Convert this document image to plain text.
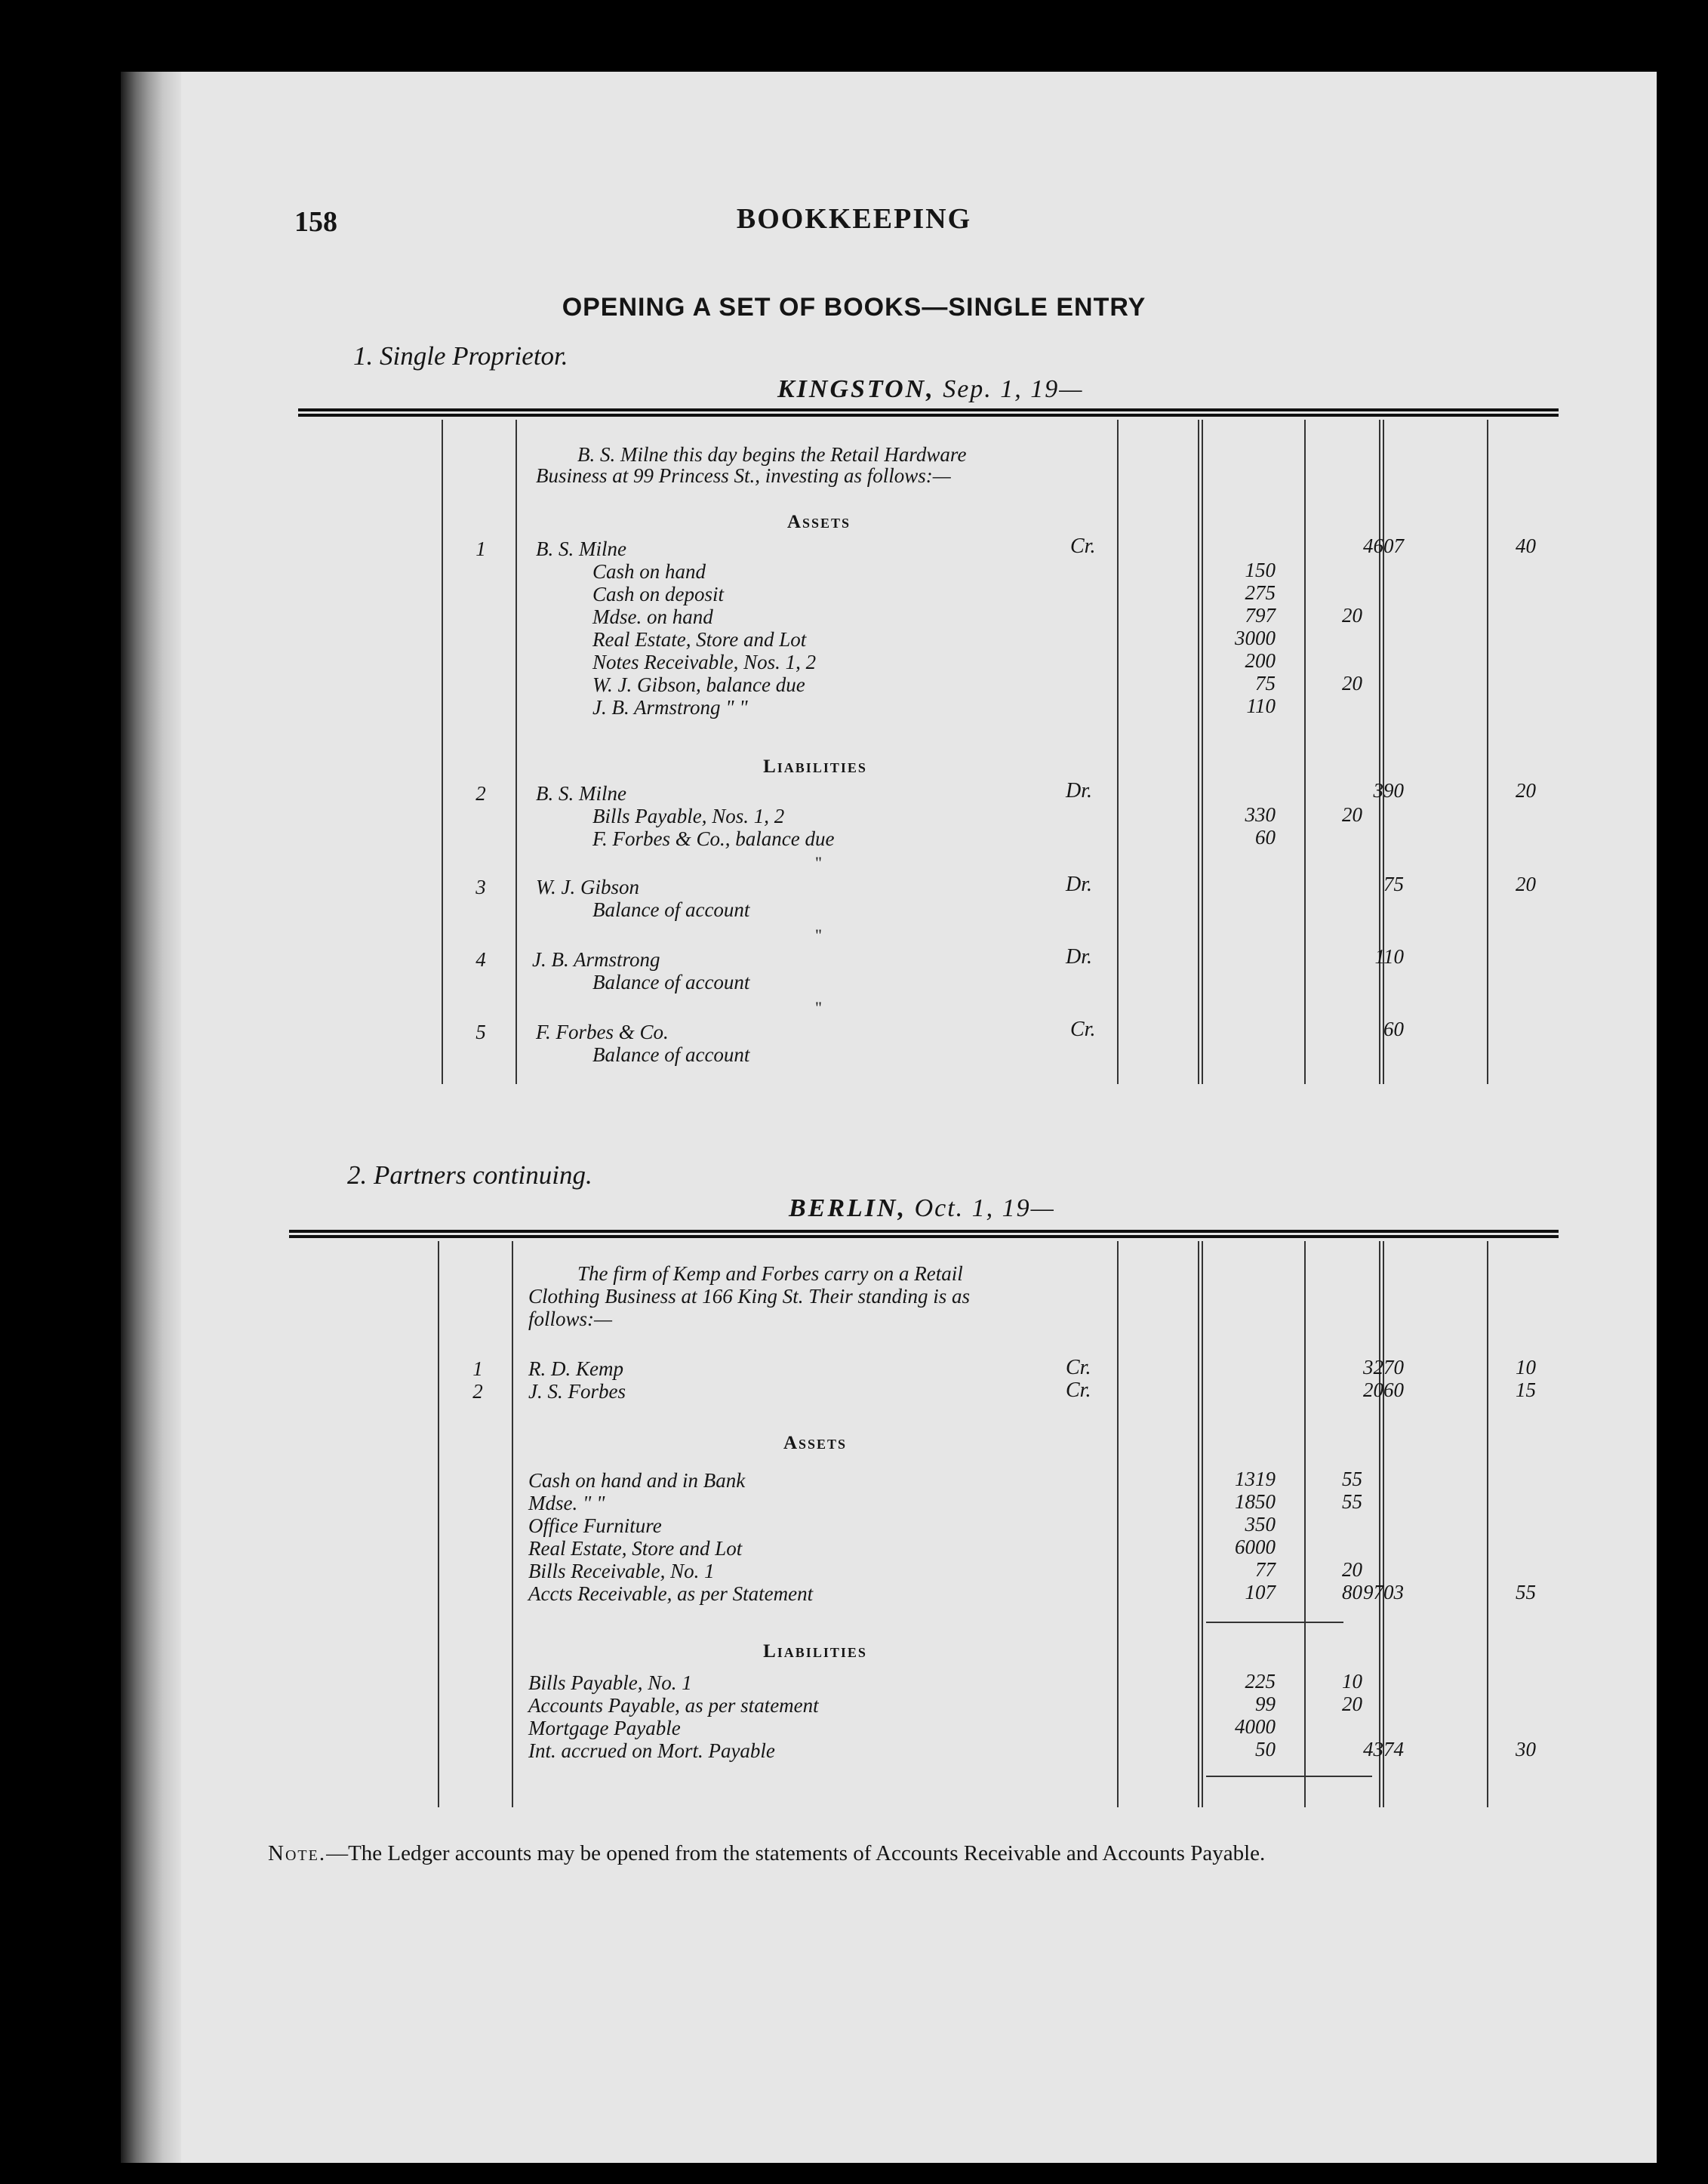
158	BOOKKEEPING
OPENING A SET OF BOOKS—SINGLE ENTRY
1. Single Proprietor.
KINGSTON, Sep. 1, 19—
B. S. Milne this day begins the Retail Hardware
Business at 99 Princess St., investing as follows:—
Assets
1	B. S. Milne	Cr.	4607	40
Cash on hand	150
Cash on deposit	275
Mdse. on hand	797	20
Real Estate, Store and Lot	3000
Notes Receivable, Nos. 1, 2	200
W. J. Gibson, balance due	75	20
J. B. Armstrong " "	110
Liabilities
2	B. S. Milne	Dr.	390	20
Bills Payable, Nos. 1, 2	330	20
F. Forbes & Co., balance due	60
"
3	W. J. Gibson	Dr.	75	20
Balance of account
"
4	J. B. Armstrong	Dr.	110
Balance of account
"
5	F. Forbes & Co.	Cr.	60
Balance of account
2. Partners continuing.
BERLIN, Oct. 1, 19—
The firm of Kemp and Forbes carry on a Retail
Clothing Business at 166 King St. Their standing is as
follows:—
1	R. D. Kemp	Cr.	3270	10
2	J. S. Forbes	Cr.	2060	15
Assets
Cash on hand and in Bank	1319	55
Mdse. " "	1850	55
Office Furniture	350
Real Estate, Store and Lot	6000
Bills Receivable, No. 1	77	20
Accts Receivable, as per Statement	107	80 9703	55
Liabilities
Bills Payable, No. 1	225	10
Accounts Payable, as per statement	99	20
Mortgage Payable	4000
Int. accrued on Mort. Payable	50	4374	30
Note.—The Ledger accounts may be opened from the statements of Accounts Receivable and Accounts Payable.
